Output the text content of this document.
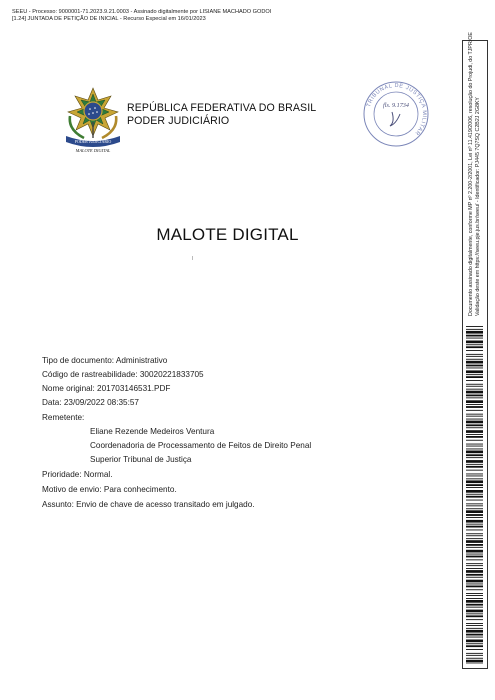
SEEU - Processo: 9000001-71.2023.9.21.0003 - Assinado digitalmente por LISIANE MACHADO GODOI
[1.24] JUNTADA DE PETIÇÃO DE INICIAL - Recurso Especial em 16/01/2023
PODER JUDICIÁRIO
MALOTE DIGITAL
REPÚBLICA FEDERATIVA DO BRASIL
PODER JUDICIÁRIO
TRIBUNAL DE JUSTIÇA MILITAR
fls. 9.1734
MALOTE DIGITAL
Tipo de documento: Administrativo
Código de rastreabilidade: 30020221833705
Nome original: 201703146531.PDF
Data: 23/09/2022 08:35:57
Remetente:
Eliane Rezende Medeiros Ventura
Coordenadoria de Processamento de Feitos de Direito Penal
Superior Tribunal de Justiça
Prioridade: Normal.
Motivo de envio: Para conhecimento.
Assunto: Envio de chave de acesso transitado em julgado.
Documento assinado digitalmente, conforme MP nº 2.200-2/2001, Lei nº 11.419/2006, resolução do Projudi, do TJPR/OE Validação deste em https://seeu.pje.jus.br/seeu/ - Identificador: PJ445 7Q7SQ C2B2J 2G8KY
